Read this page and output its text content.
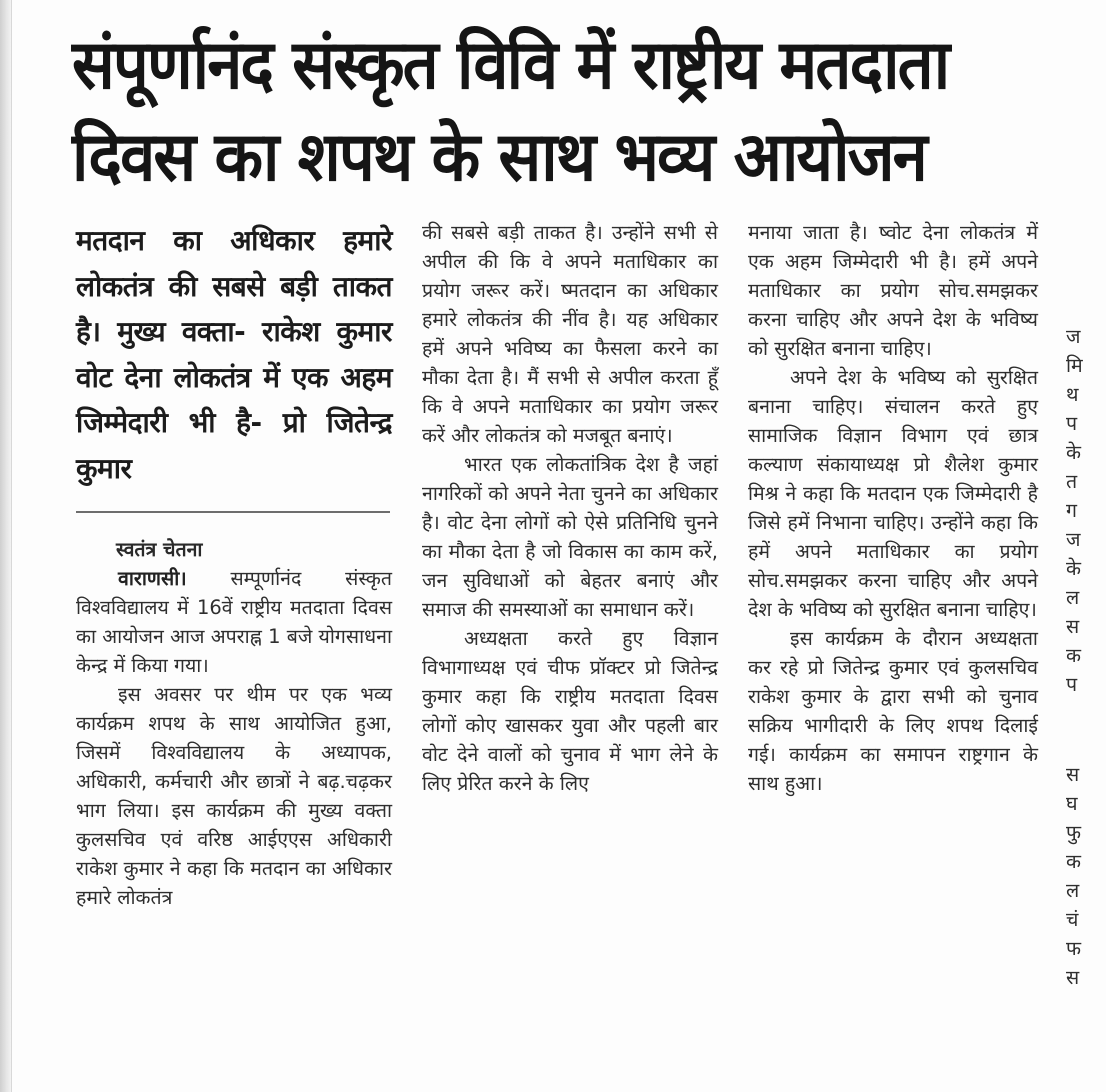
संपूर्णानंद संस्कृत विवि में राष्ट्रीय मतदाता
दिवस का शपथ के साथ भव्य आयोजन

मतदान का अधिकार हमारे लोकतंत्र की सबसे बड़ी ताकत है। मुख्य वक्ता- राकेश कुमार वोट देना लोकतंत्र में एक अहम जिम्मेदारी भी है- प्रो जितेन्द्र कुमार

स्वतंत्र चेतना

वाराणसी। सम्पूर्णानंद संस्कृत विश्वविद्यालय में 16वें राष्ट्रीय मतदाता दिवस का आयोजन आज अपराह्न 1 बजे योगसाधना केन्द्र में किया गया।

इस अवसर पर थीम पर एक भव्य कार्यक्रम शपथ के साथ आयोजित हुआ, जिसमें विश्वविद्यालय के अध्यापक, अधिकारी, कर्मचारी और छात्रों ने बढ़.चढ़कर भाग लिया। इस कार्यक्रम की मुख्य वक्ता कुलसचिव एवं वरिष्ठ आईएएस अधिकारी राकेश कुमार ने कहा कि मतदान का अधिकार हमारे लोकतंत्र

की सबसे बड़ी ताकत है। उन्होंने सभी से अपील की कि वे अपने मताधिकार का प्रयोग जरूर करें। ष्मतदान का अधिकार हमारे लोकतंत्र की नींव है। यह अधिकार हमें अपने भविष्य का फैसला करने का मौका देता है। मैं सभी से अपील करता हूँ कि वे अपने मताधिकार का प्रयोग जरूर करें और लोकतंत्र को मजबूत बनाएं।

भारत एक लोकतांत्रिक देश है जहां नागरिकों को अपने नेता चुनने का अधिकार है। वोट देना लोगों को ऐसे प्रतिनिधि चुनने का मौका देता है जो विकास का काम करें, जन सुविधाओं को बेहतर बनाएं और समाज की समस्याओं का समाधान करें।

अध्यक्षता करते हुए विज्ञान विभागाध्यक्ष एवं चीफ प्रॉक्टर प्रो जितेन्द्र कुमार कहा कि राष्ट्रीय मतदाता दिवस लोगों कोए खासकर युवा और पहली बार वोट देने वालों को चुनाव में भाग लेने के लिए प्रेरित करने के लिए

मनाया जाता है। ष्वोट देना लोकतंत्र में एक अहम जिम्मेदारी भी है। हमें अपने मताधिकार का प्रयोग सोच.समझकर करना चाहिए और अपने देश के भविष्य को सुरक्षित बनाना चाहिए।

अपने देश के भविष्य को सुरक्षित बनाना चाहिए। संचालन करते हुए सामाजिक विज्ञान विभाग एवं छात्र कल्याण संकायाध्यक्ष प्रो शैलेश कुमार मिश्र ने कहा कि मतदान एक जिम्मेदारी है जिसे हमें निभाना चाहिए। उन्होंने कहा कि हमें अपने मताधिकार का प्रयोग सोच.समझकर करना चाहिए और अपने देश के भविष्य को सुरक्षित बनाना चाहिए।

इस कार्यक्रम के दौरान अध्यक्षता कर रहे प्रो जितेन्द्र कुमार एवं कुलसचिव राकेश कुमार के द्वारा सभी को चुनाव सक्रिय भागीदारी के लिए शपथ दिलाई गई। कार्यक्रम का समापन राष्ट्रगान के साथ हुआ।

ज
मि
थ
प
के
त
ग
ज
के
ल
स
क
प
स
घ
फु
क
ल
चं
फ
स
